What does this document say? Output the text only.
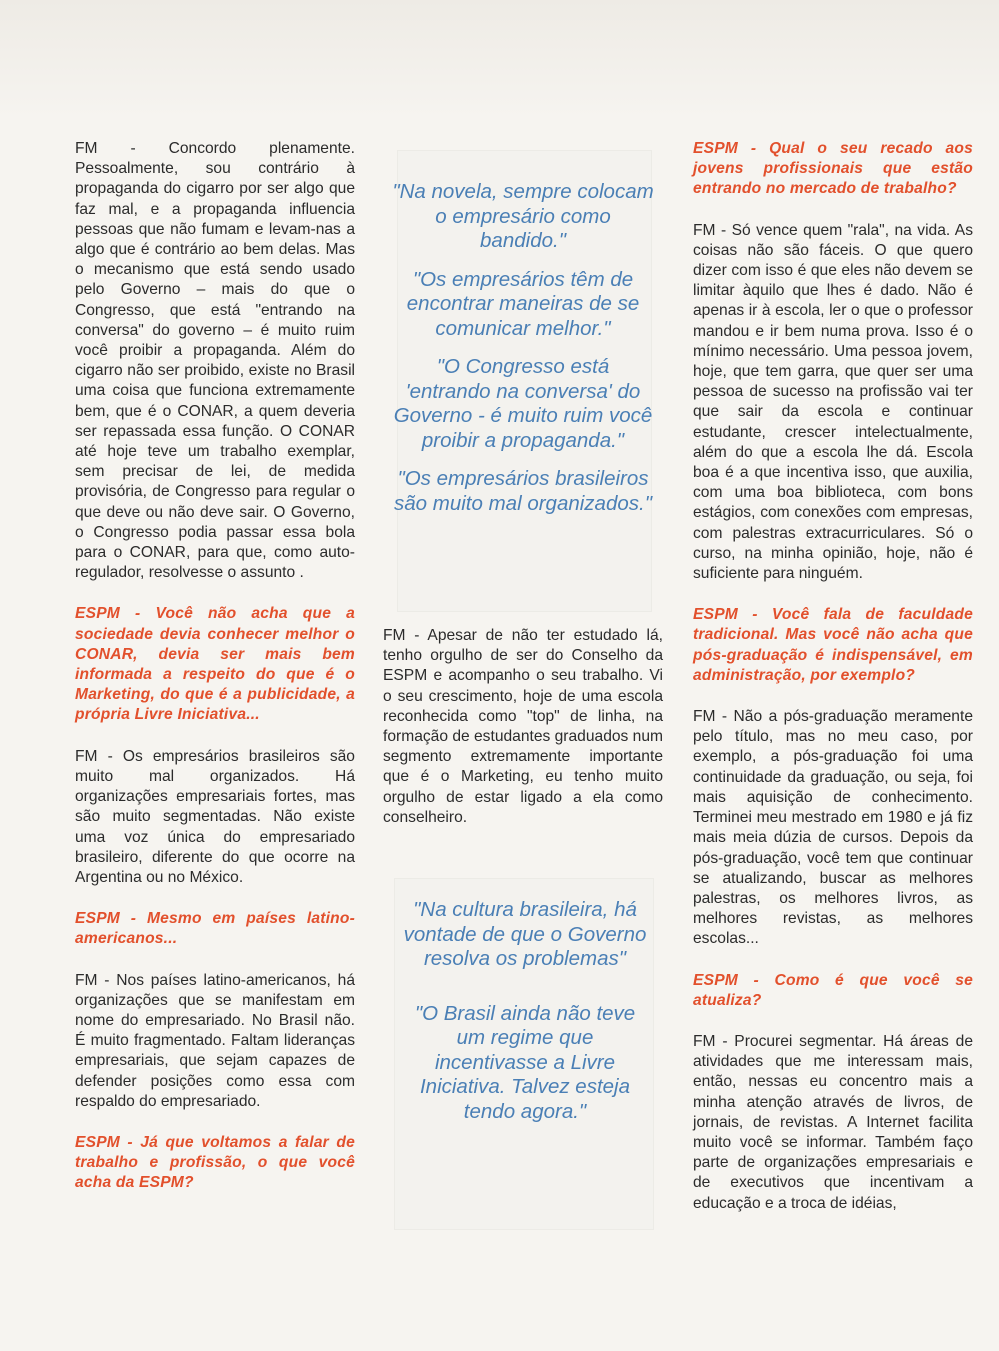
FM - Concordo plenamente. Pessoalmente, sou contrário à propaganda do cigarro por ser algo que faz mal, e a propaganda influencia pessoas que não fumam e levam-nas a algo que é contrário ao bem delas. Mas o mecanismo que está sendo usado pelo Governo – mais do que o Congresso, que está "entrando na conversa" do governo – é muito ruim você proibir a propaganda. Além do cigarro não ser proibido, existe no Brasil uma coisa que funciona extremamente bem, que é o CONAR, a quem deveria ser repassada essa função. O CONAR até hoje teve um trabalho exemplar, sem precisar de lei, de medida provisória, de Congresso para regular o que deve ou não deve sair. O Governo, o Congresso podia passar essa bola para o CONAR, para que, como auto-regulador, resolvesse o assunto .

ESPM - Você não acha que a sociedade devia conhecer melhor o CONAR, devia ser mais bem informada a respeito do que é o Marketing, do que é a publicidade, a própria Livre Iniciativa...

FM - Os empresários brasileiros são muito mal organizados. Há organizações empresariais fortes, mas são muito segmentadas. Não existe uma voz única do empresariado brasileiro, diferente do que ocorre na Argentina ou no México.

ESPM - Mesmo em países latino-americanos...

FM - Nos países latino-americanos, há organizações que se manifestam em nome do empresariado. No Brasil não. É muito fragmentado. Faltam lideranças empresariais, que sejam capazes de defender posições como essa com respaldo do empresariado.

ESPM - Já que voltamos a falar de trabalho e profissão, o que você acha da ESPM?

"Na novela, sempre colocam o empresário como bandido."

"Os empresários têm de encontrar maneiras de se comunicar melhor."

"O Congresso está 'entrando na conversa' do Governo - é muito ruim você proibir a propaganda."

"Os empresários brasileiros são muito mal organizados."

FM - Apesar de não ter estudado lá, tenho orgulho de ser do Conselho da ESPM e acompanho o seu trabalho. Vi o seu crescimento, hoje de uma escola reconhecida como "top" de linha, na formação de estudantes graduados num segmento extremamente importante que é o Marketing, eu tenho muito orgulho de estar ligado a ela como conselheiro.

"Na cultura brasileira, há vontade de que o Governo resolva os problemas"

"O Brasil ainda não teve um regime que incentivasse a Livre Iniciativa. Talvez esteja tendo agora."

ESPM - Qual o seu recado aos jovens profissionais que estão entrando no mercado de trabalho?

FM - Só vence quem "rala", na vida. As coisas não são fáceis. O que quero dizer com isso é que eles não devem se limitar àquilo que lhes é dado. Não é apenas ir à escola, ler o que o professor mandou e ir bem numa prova. Isso é o mínimo necessário. Uma pessoa jovem, hoje, que tem garra, que quer ser uma pessoa de sucesso na profissão vai ter que sair da escola e continuar estudante, crescer intelectualmente, além do que a escola lhe dá. Escola boa é a que incentiva isso, que auxilia, com uma boa biblioteca, com bons estágios, com conexões com empresas, com palestras extracurriculares. Só o curso, na minha opinião, hoje, não é suficiente para ninguém.

ESPM - Você fala de faculdade tradicional. Mas você não acha que pós-graduação é indispensável, em administração, por exemplo?

FM - Não a pós-graduação meramente pelo título, mas no meu caso, por exemplo, a pós-graduação foi uma continuidade da graduação, ou seja, foi mais aquisição de conhecimento. Terminei meu mestrado em 1980 e já fiz mais meia dúzia de cursos. Depois da pós-graduação, você tem que continuar se atualizando, buscar as melhores palestras, os melhores livros, as melhores revistas, as melhores escolas...

ESPM - Como é que você se atualiza?

FM - Procurei segmentar. Há áreas de atividades que me interessam mais, então, nessas eu concentro mais a minha atenção através de livros, de jornais, de revistas. A Internet facilita muito você se informar. Também faço parte de organizações empresariais e de executivos que incentivam a educação e a troca de idéias,
